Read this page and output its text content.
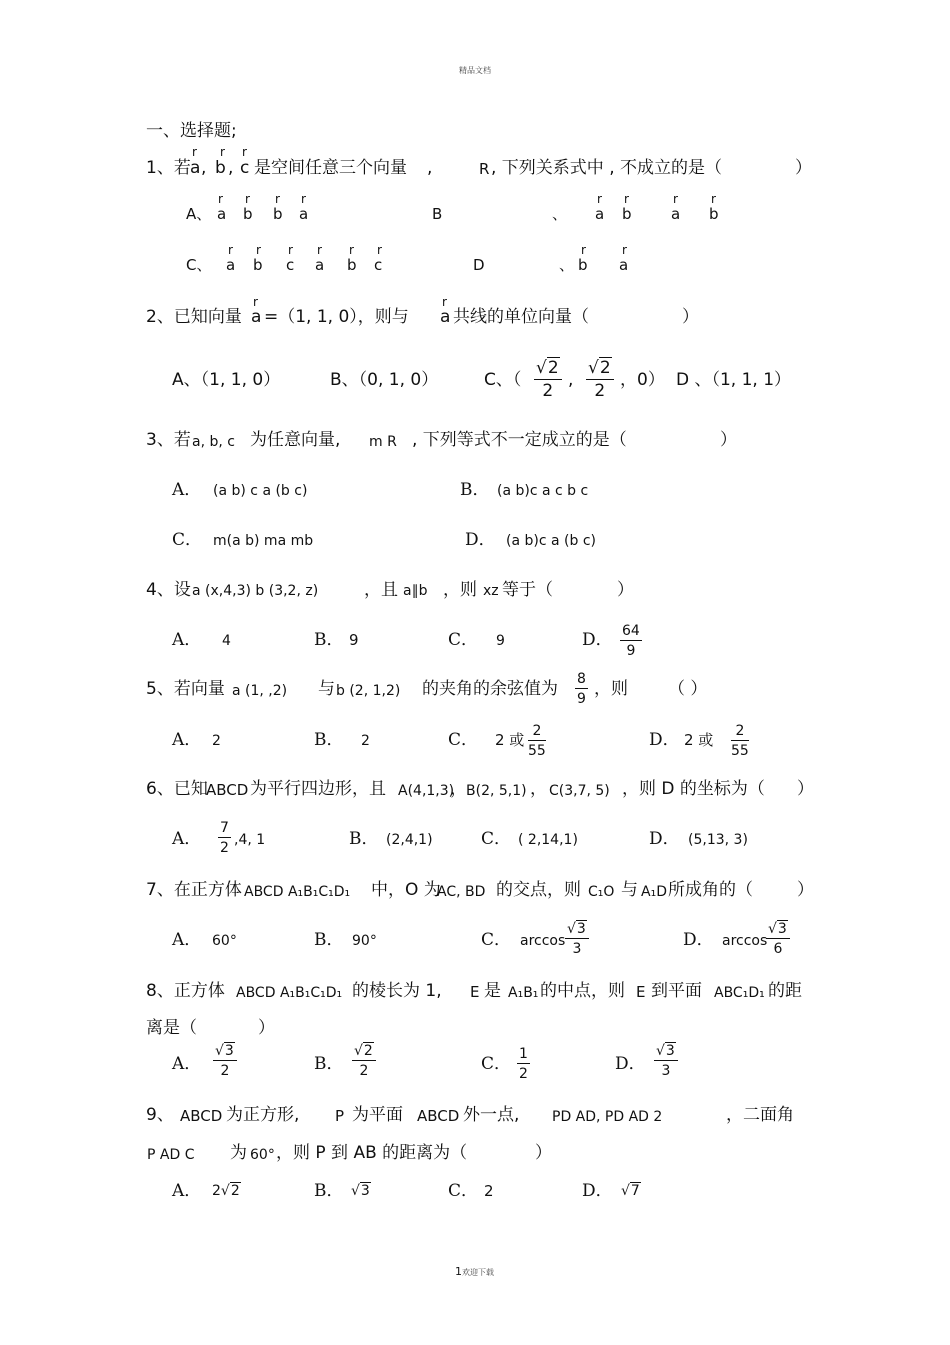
精品文档
一、选择题;
1、若
r
a ,
r
b ,
r
c 是空间任意三个向量 ,	R , 下列关系式中 , 不成立的是（	）
A、
r
a
r
b
r
b
r
a	B	、
r
a
r
b
r
a
r
b
C、
r
a
r
b
r
c
r
a
r
b
r
c	D	、
r
b
r
a
2、已知向量
r
a =（1, 1, 0），则与
r
a 共线的单位向量（	）
A、（1, 1, 0）	B、（0, 1, 0）	C、（ $\frac{√2}{2}$ , $\frac{√2}{2}$ ，0） D 、（1, 1, 1）
3、若 a, b, c 为任意向量, m R , 下列等式不一定成立的是（	）
A． (a b) c a (b c)	B． (a b)c a c b c
C． m(a b) ma mb	D． (a b)c a (b c)
4、设 a (x,4,3) b (3,2, z)	，且 a∥b ，则 xz 等于（	）
A． 4	B． 9	C． 9	D． $\frac{64}{9}$
5、若向量 a (1, ,2) 与 b (2, 1,2) 的夹角的余弦值为 $\frac{8}{9}$ ，则 （ ）
A． 2	B． 2	C． 2 或 $\frac{2}{55}$	D． 2 或 $\frac{2}{55}$
6、已知
ABCD 为平行四边形，且 A(4,1,3)
， B(2, 5,1) ， C(3,7, 5) ，则 D 的坐标为（ ）
A． $\frac{7}{2} ,4$, 1	B． (2,4,1)	C． ( 2,14,1)	D． (5,13, 3)
7、在正方体 ABCD A₁B₁C₁D₁ 中，O 为
AC, BD 的交点，则 C₁O 与 A₁D 所成角的（	）
A． 60°	B． 90°	C． $\arccos \frac{√3}{3}$	D． arccos
$\frac{√3}{6}$
8、正方体 ABCD A₁B₁C₁D₁ 的棱长为 1, E 是 A₁B₁ 的中点，则 E 到平面 ABC₁D₁ 的距
离是（	）
A． $\frac{√3}{2}$	B． $\frac{√2}{2}$	C． $\frac{1}{2}$	D． $\frac{√3}{3}$
9、 ABCD 为正方形, P 为平面 ABCD 外一点, PD AD, PD AD 2	，二面角
P AD C 为 60° ，则 P 到 AB 的距离为（	）
A． 2√2	B． √3	C． 2	D． √7
1欢迎下载
